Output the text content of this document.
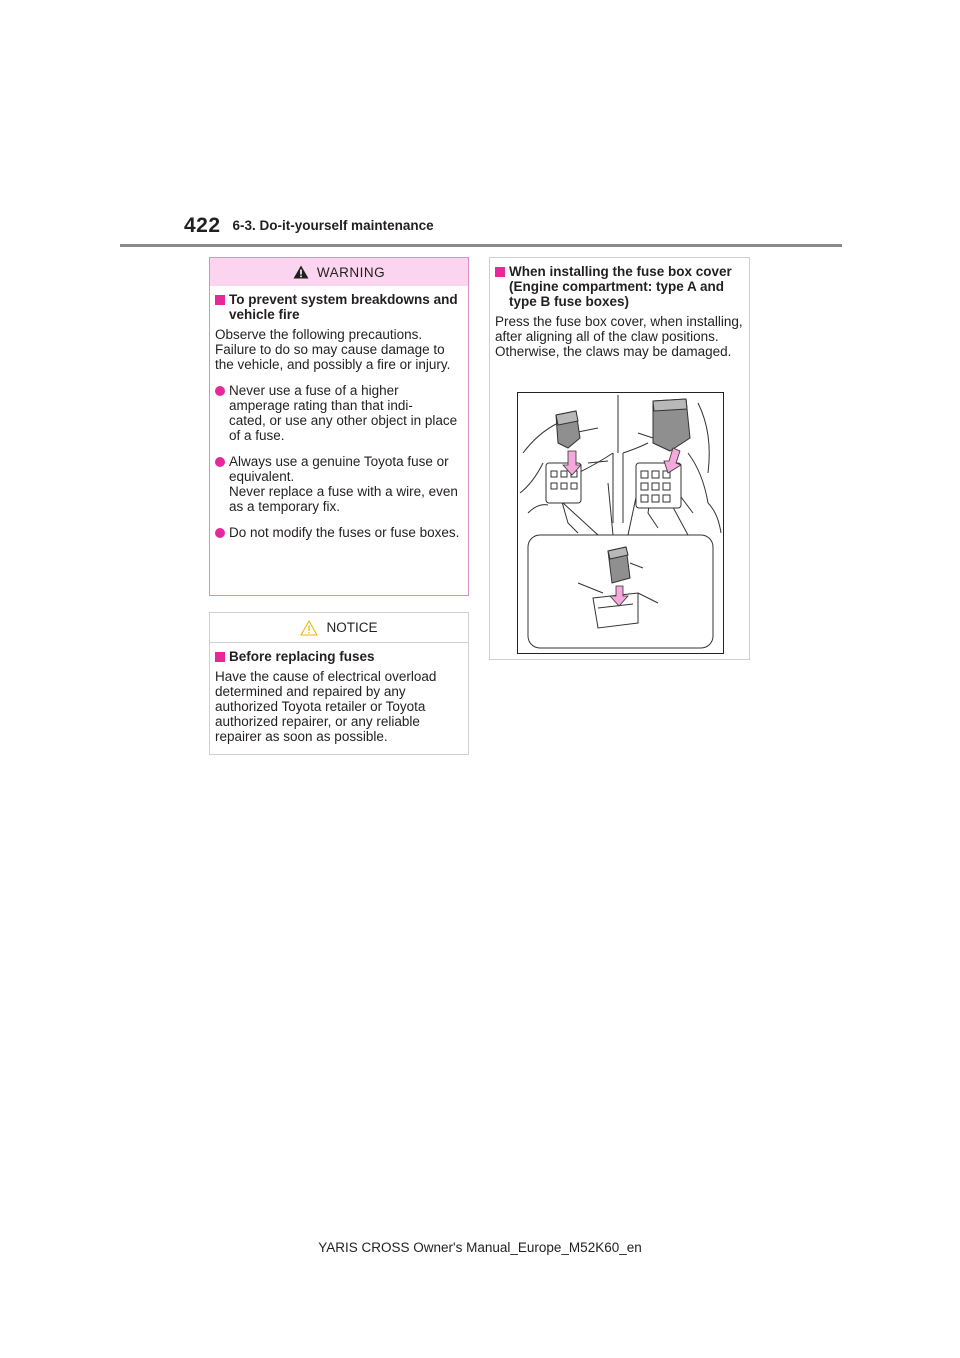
422 6-3. Do-it-yourself maintenance
WARNING
To prevent system breakdowns and vehicle fire
Observe the following precautions. Failure to do so may cause damage to the vehicle, and possibly a fire or injury.
Never use a fuse of a higher amperage rating than that indi-
cated, or use any other object in place of a fuse.
Always use a genuine Toyota fuse or equivalent.
Never replace a fuse with a wire, even as a temporary fix.
Do not modify the fuses or fuse boxes.
NOTICE
Before replacing fuses
Have the cause of electrical overload determined and repaired by any authorized Toyota retailer or Toyota authorized repairer, or any reliable repairer as soon as possible.
When installing the fuse box cover (Engine compartment: type A and type B fuse boxes)
Press the fuse box cover, when installing, after aligning all of the claw positions. Otherwise, the claws may be damaged.
YARIS CROSS Owner's Manual_Europe_M52K60_en
